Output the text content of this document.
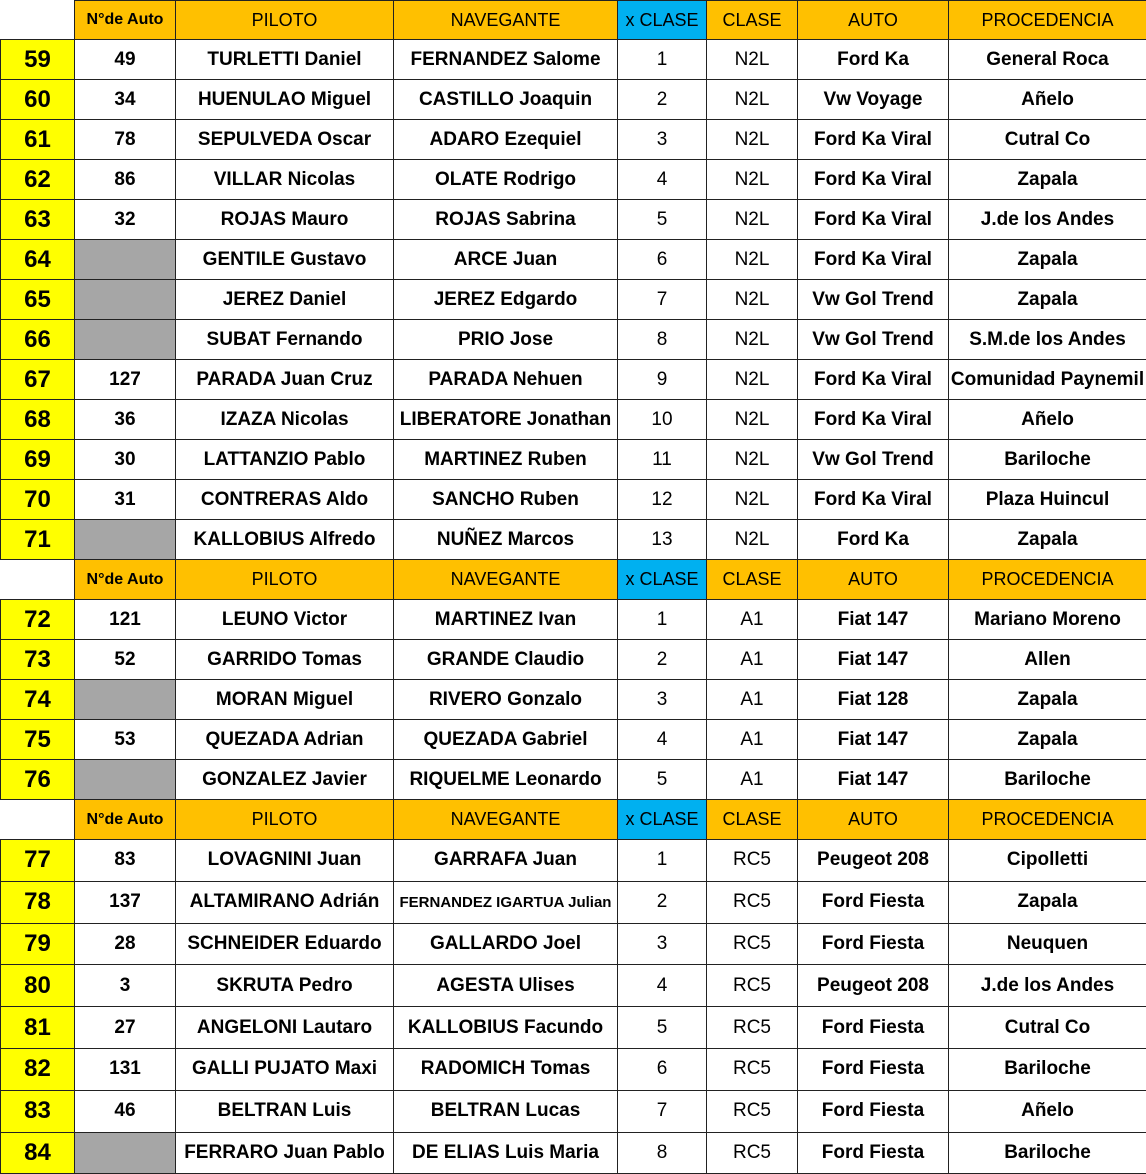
	N°de Auto	PILOTO	NAVEGANTE	x CLASE	CLASE	AUTO	PROCEDENCIA
59	49	TURLETTI Daniel	FERNANDEZ Salome	1	N2L	Ford Ka	General Roca
60	34	HUENULAO Miguel	CASTILLO Joaquin	2	N2L	Vw Voyage	Añelo
61	78	SEPULVEDA Oscar	ADARO Ezequiel	3	N2L	Ford Ka Viral	Cutral Co
62	86	VILLAR Nicolas	OLATE Rodrigo	4	N2L	Ford Ka Viral	Zapala
63	32	ROJAS Mauro	ROJAS Sabrina	5	N2L	Ford Ka Viral	J.de los Andes
64		GENTILE Gustavo	ARCE Juan	6	N2L	Ford Ka Viral	Zapala
65		JEREZ Daniel	JEREZ Edgardo	7	N2L	Vw Gol Trend	Zapala
66		SUBAT Fernando	PRIO Jose	8	N2L	Vw Gol Trend	S.M.de los Andes
67	127	PARADA Juan Cruz	PARADA Nehuen	9	N2L	Ford Ka Viral	Comunidad Paynemil
68	36	IZAZA Nicolas	LIBERATORE Jonathan	10	N2L	Ford Ka Viral	Añelo
69	30	LATTANZIO Pablo	MARTINEZ Ruben	11	N2L	Vw Gol Trend	Bariloche
70	31	CONTRERAS Aldo	SANCHO Ruben	12	N2L	Ford Ka Viral	Plaza Huincul
71		KALLOBIUS Alfredo	NUÑEZ Marcos	13	N2L	Ford Ka	Zapala
	N°de Auto	PILOTO	NAVEGANTE	x CLASE	CLASE	AUTO	PROCEDENCIA
72	121	LEUNO Victor	MARTINEZ Ivan	1	A1	Fiat 147	Mariano Moreno
73	52	GARRIDO Tomas	GRANDE Claudio	2	A1	Fiat 147	Allen
74		MORAN Miguel	RIVERO Gonzalo	3	A1	Fiat 128	Zapala
75	53	QUEZADA Adrian	QUEZADA Gabriel	4	A1	Fiat 147	Zapala
76		GONZALEZ Javier	RIQUELME Leonardo	5	A1	Fiat 147	Bariloche
	N°de Auto	PILOTO	NAVEGANTE	x CLASE	CLASE	AUTO	PROCEDENCIA
77	83	LOVAGNINI Juan	GARRAFA Juan	1	RC5	Peugeot 208	Cipolletti
78	137	ALTAMIRANO Adrián	FERNANDEZ IGARTUA Julian	2	RC5	Ford Fiesta	Zapala
79	28	SCHNEIDER Eduardo	GALLARDO Joel	3	RC5	Ford Fiesta	Neuquen
80	3	SKRUTA Pedro	AGESTA Ulises	4	RC5	Peugeot 208	J.de los Andes
81	27	ANGELONI Lautaro	KALLOBIUS Facundo	5	RC5	Ford Fiesta	Cutral Co
82	131	GALLI PUJATO Maxi	RADOMICH Tomas	6	RC5	Ford Fiesta	Bariloche
83	46	BELTRAN Luis	BELTRAN Lucas	7	RC5	Ford Fiesta	Añelo
84		FERRARO Juan Pablo	DE ELIAS Luis Maria	8	RC5	Ford Fiesta	Bariloche
